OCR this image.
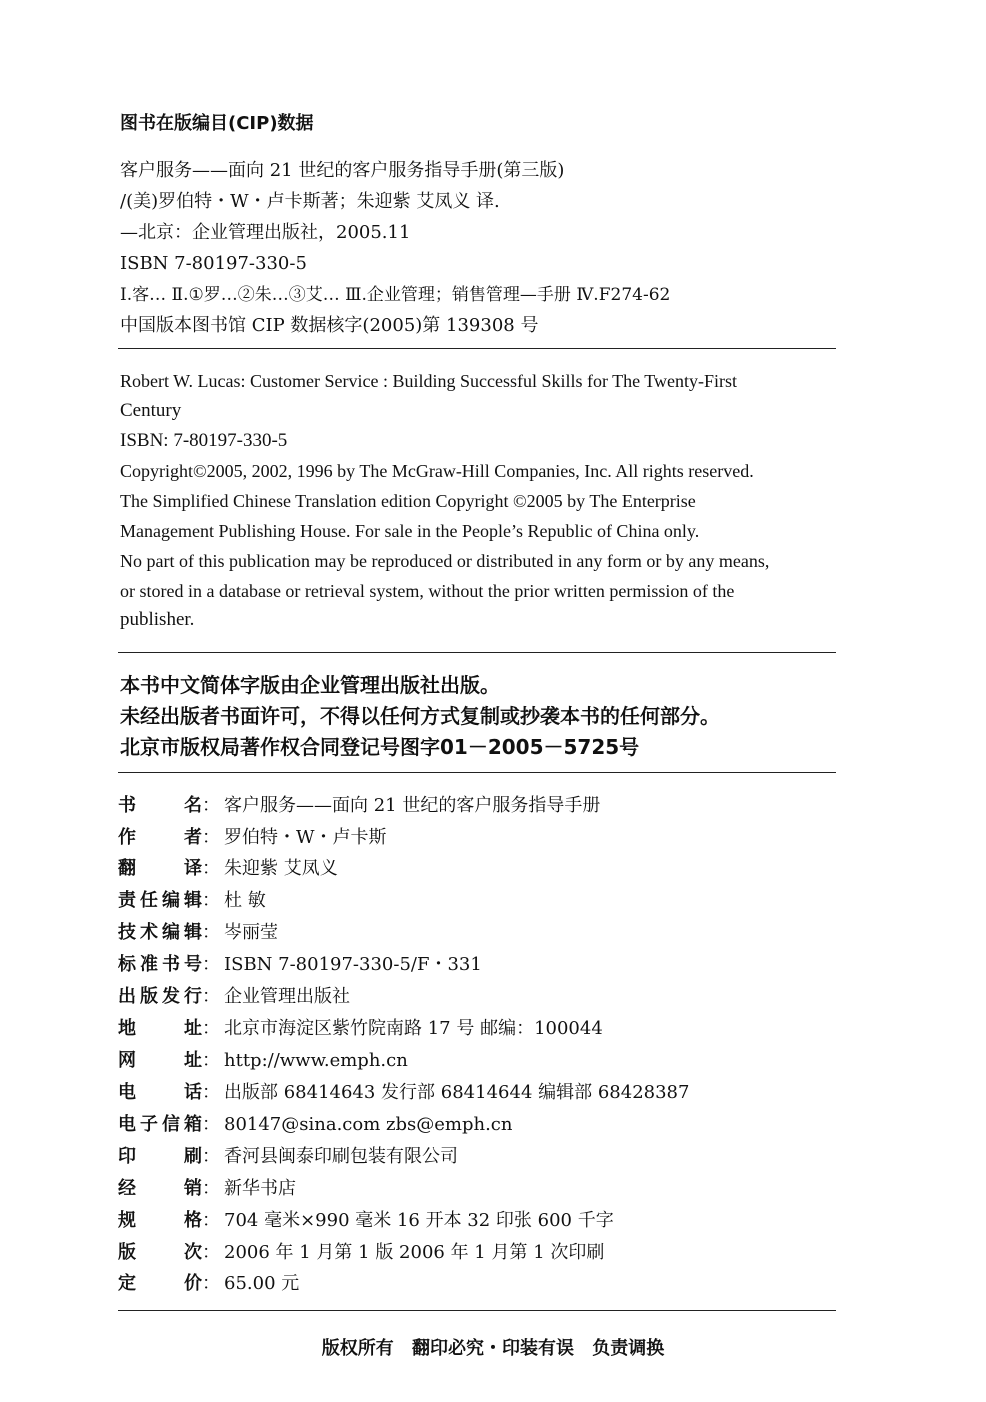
图书在版编目(CIP)数据
客户服务——面向 21 世纪的客户服务指导手册(第三版)
/(美)罗伯特・W・卢卡斯著；朱迎紫 艾凤义 译.
—北京：企业管理出版社，2005.11
ISBN 7-80197-330-5
Ⅰ.客… Ⅱ.①罗…②朱…③艾… Ⅲ.企业管理；销售管理—手册 Ⅳ.F274-62
中国版本图书馆 CIP 数据核字(2005)第 139308 号
Robert W. Lucas: Customer Service : Building Successful Skills for The Twenty-First
Century
ISBN: 7-80197-330-5
Copyright©2005, 2002, 1996 by The McGraw-Hill Companies, Inc. All rights reserved.
The Simplified Chinese Translation edition Copyright ©2005 by The Enterprise
Management Publishing House. For sale in the People’s Republic of China only.
No part of this publication may be reproduced or distributed in any form or by any means,
or stored in a database or retrieval system, without the prior written permission of the
publisher.
本书中文简体字版由企业管理出版社出版。
未经出版者书面许可，不得以任何方式复制或抄袭本书的任何部分。
北京市版权局著作权合同登记号图字01－2005－5725号
书名： 客户服务——面向 21 世纪的客户服务指导手册
作者： 罗伯特・W・卢卡斯
翻译： 朱迎紫 艾凤义
责任编辑： 杜 敏
技术编辑： 岑丽莹
标准书号： ISBN 7-80197-330-5/F・331
出版发行： 企业管理出版社
地址： 北京市海淀区紫竹院南路 17 号 邮编：100044
网址： http://www.emph.cn
电话： 出版部 68414643 发行部 68414644 编辑部 68428387
电子信箱： 80147@sina.com zbs@emph.cn
印刷： 香河县闽泰印刷包装有限公司
经销： 新华书店
规格： 704 毫米×990 毫米 16 开本 32 印张 600 千字
版次： 2006 年 1 月第 1 版 2006 年 1 月第 1 次印刷
定价： 65.00 元
版权所有 翻印必究・印装有误 负责调换
